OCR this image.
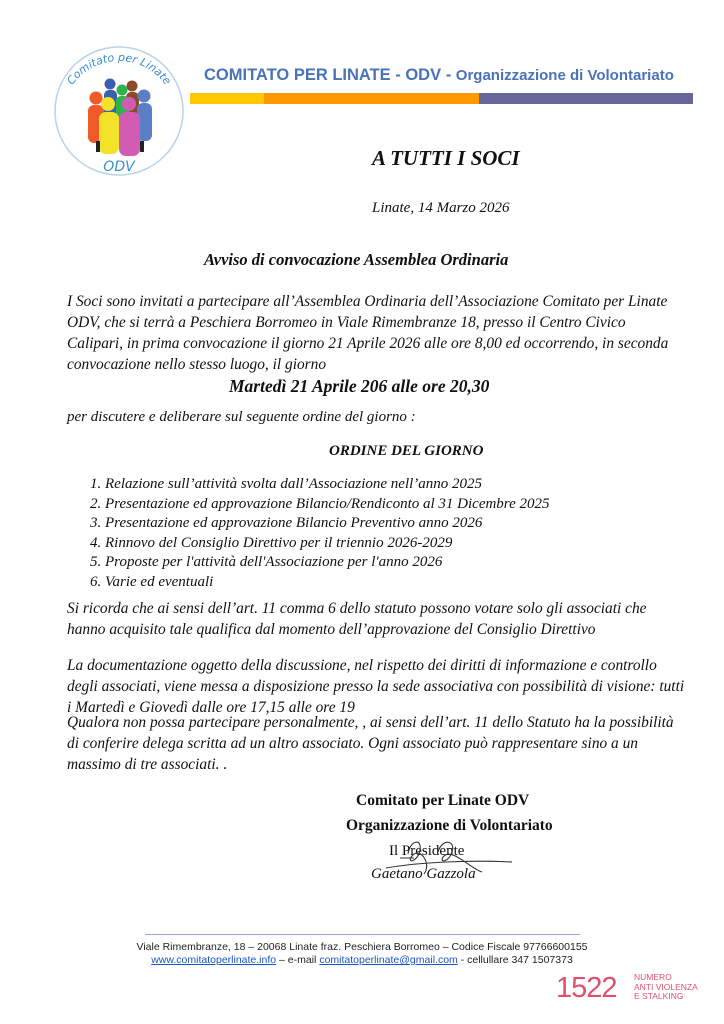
ODV
Comitato per Linate COMITATO PER LINATE - ODV - Organizzazione di Volontariato
A TUTTI I SOCI
Linate, 14 Marzo 2026
Avviso di convocazione Assemblea Ordinaria
I Soci sono invitati a partecipare all’Assemblea Ordinaria dell’Associazione Comitato per Linate
ODV, che si terrà a Peschiera Borromeo in Viale Rimembranze 18, presso il Centro Civico
Calipari, in prima convocazione il giorno 21 Aprile 2026 alle ore 8,00 ed occorrendo, in seconda
convocazione nello stesso luogo, il giorno
Martedì 21 Aprile 206 alle ore 20,30
per discutere e deliberare sul seguente ordine del giorno :
ORDINE DEL GIORNO
1. Relazione sull’attività svolta dall’Associazione nell’anno 2025
2. Presentazione ed approvazione Bilancio/Rendiconto al 31 Dicembre 2025
3. Presentazione ed approvazione Bilancio Preventivo anno 2026
4. Rinnovo del Consiglio Direttivo per il triennio 2026-2029
5. Proposte per l'attività dell'Associazione per l'anno 2026
6. Varie ed eventuali
Si ricorda che ai sensi dell’art. 11 comma 6 dello statuto possono votare solo gli associati che
hanno acquisito tale qualifica dal momento dell’approvazione del Consiglio Direttivo
La documentazione oggetto della discussione, nel rispetto dei diritti di informazione e controllo
degli associati, viene messa a disposizione presso la sede associativa con possibilità di visione: tutti
i Martedì e Giovedì dalle ore 17,15 alle ore 19
Qualora non possa partecipare personalmente, , ai sensi dell’art. 11 dello Statuto ha la possibilità
di conferire delega scritta ad un altro associato. Ogni associato può rappresentare sino a un
massimo di tre associati. .
Comitato per Linate ODV
Organizzazione di Volontariato
Il Presidente
Gaetano Gazzola
Viale Rimembranze, 18 – 20068 Linate fraz. Peschiera Borromeo – Codice Fiscale 97766600155
www.comitatoperlinate.info – e-mail comitatoperlinate@gmail.com - cellullare 347 1507373
1522 NUMERO
ANTI VIOLENZA
E STALKING
